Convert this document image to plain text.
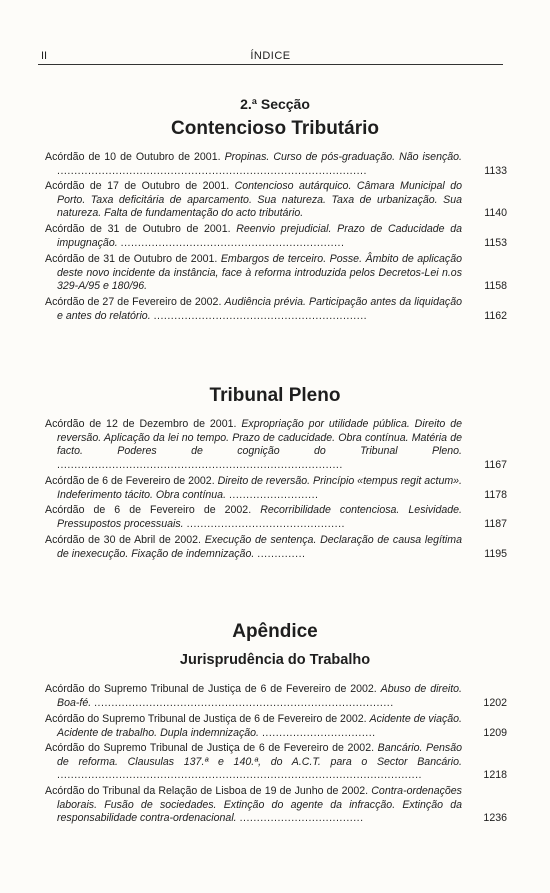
II	ÍNDICE
2.ª Secção
Contencioso Tributário
Acórdão de 10 de Outubro de 2001. Propinas. Curso de pós-graduação. Não isenção. ..........................................................................................	1133
Acórdão de 17 de Outubro de 2001. Contencioso autárquico. Câmara Municipal do Porto. Taxa deficitária de aparcamento. Sua natureza. Taxa de urbanização. Sua natureza. Falta de fundamentação do acto tributário.	1140
Acórdão de 31 de Outubro de 2001. Reenvio prejudicial. Prazo de Caducidade da impugnação. .................................................................	1153
Acórdão de 31 de Outubro de 2001. Embargos de terceiro. Posse. Âmbito de aplicação deste novo incidente da instância, face à reforma introduzida pelos Decretos-Lei n.os 329-A/95 e 180/96.	1158
Acórdão de 27 de Fevereiro de 2002. Audiência prévia. Participação antes da liquidação e antes do relatório. ..............................................................	1162
Tribunal Pleno
Acórdão de 12 de Dezembro de 2001. Expropriação por utilidade pública. Direito de reversão. Aplicação da lei no tempo. Prazo de caducidade. Obra contínua. Matéria de facto. Poderes de cognição do Tribunal Pleno. ...................................................................................	1167
Acórdão de 6 de Fevereiro de 2002. Direito de reversão. Princípio «tempus regit actum». Indeferimento tácito. Obra contínua. ..........................	1178
Acórdão de 6 de Fevereiro de 2002. Recorribilidade contenciosa. Lesividade. Pressupostos processuais. ..............................................	1187
Acórdão de 30 de Abril de 2002. Execução de sentença. Declaração de causa legítima de inexecução. Fixação de indemnização. ..............	1195
Apêndice
Jurisprudência do Trabalho
Acórdão do Supremo Tribunal de Justiça de 6 de Fevereiro de 2002. Abuso de direito. Boa-fé. .......................................................................................	1202
Acórdão do Supremo Tribunal de Justiça de 6 de Fevereiro de 2002. Acidente de viação. Acidente de trabalho. Dupla indemnização. .................................	1209
Acórdão do Supremo Tribunal de Justiça de 6 de Fevereiro de 2002. Bancário. Pensão de reforma. Clausulas 137.ª e 140.ª, do A.C.T. para o Sector Bancário. ..........................................................................................................	1218
Acórdão do Tribunal da Relação de Lisboa de 19 de Junho de 2002. Contra-ordenações laborais. Fusão de sociedades. Extinção do agente da infracção. Extinção da responsabilidade contra-ordenacional. ....................................	1236
